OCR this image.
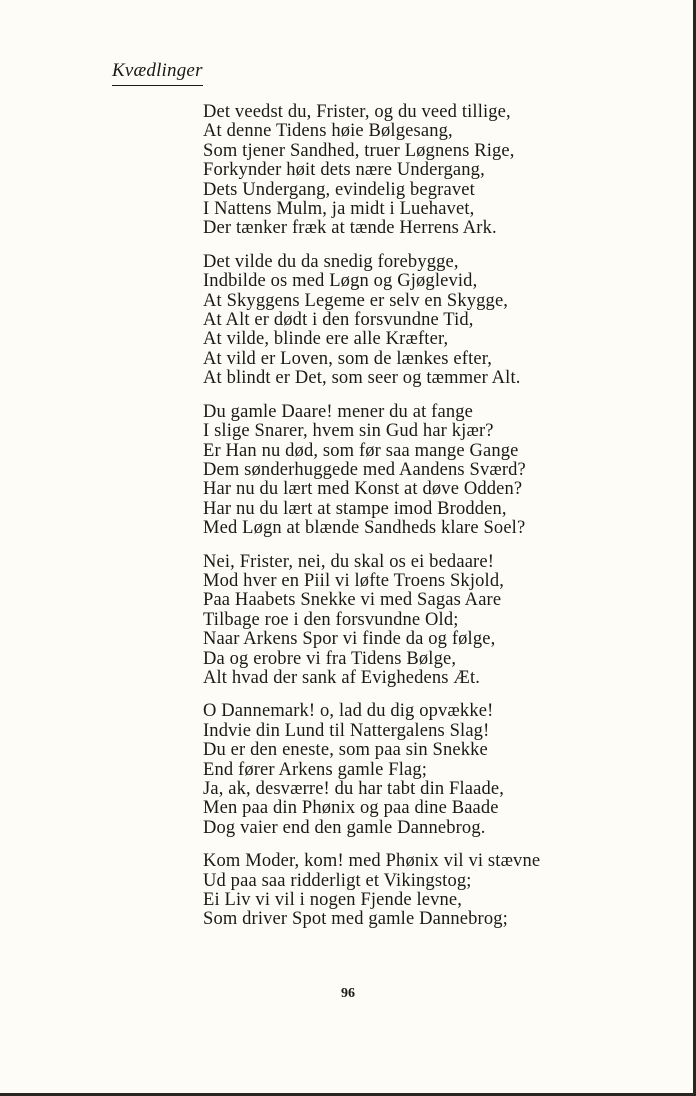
Kvædlinger
Det veedst du, Frister, og du veed tillige,
At denne Tidens høie Bølgesang,
Som tjener Sandhed, truer Løgnens Rige,
Forkynder høit dets nære Undergang,
Dets Undergang, evindelig begravet
I Nattens Mulm, ja midt i Luehavet,
Der tænker fræk at tænde Herrens Ark.
Det vilde du da snedig forebygge,
Indbilde os med Løgn og Gjøglevid,
At Skyggens Legeme er selv en Skygge,
At Alt er dødt i den forsvundne Tid,
At vilde, blinde ere alle Kræfter,
At vild er Loven, som de lænkes efter,
At blindt er Det, som seer og tæmmer Alt.
Du gamle Daare! mener du at fange
I slige Snarer, hvem sin Gud har kjær?
Er Han nu død, som før saa mange Gange
Dem sønderhuggede med Aandens Sværd?
Har nu du lært med Konst at døve Odden?
Har nu du lært at stampe imod Brodden,
Med Løgn at blænde Sandheds klare Soel?
Nei, Frister, nei, du skal os ei bedaare!
Mod hver en Piil vi løfte Troens Skjold,
Paa Haabets Snekke vi med Sagas Aare
Tilbage roe i den forsvundne Old;
Naar Arkens Spor vi finde da og følge,
Da og erobre vi fra Tidens Bølge,
Alt hvad der sank af Evighedens Æt.
O Dannemark! o, lad du dig opvække!
Indvie din Lund til Nattergalens Slag!
Du er den eneste, som paa sin Snekke
End fører Arkens gamle Flag;
Ja, ak, desværre! du har tabt din Flaade,
Men paa din Phønix og paa dine Baade
Dog vaier end den gamle Dannebrog.
Kom Moder, kom! med Phønix vil vi stævne
Ud paa saa ridderligt et Vikingstog;
Ei Liv vi vil i nogen Fjende levne,
Som driver Spot med gamle Dannebrog;
96
